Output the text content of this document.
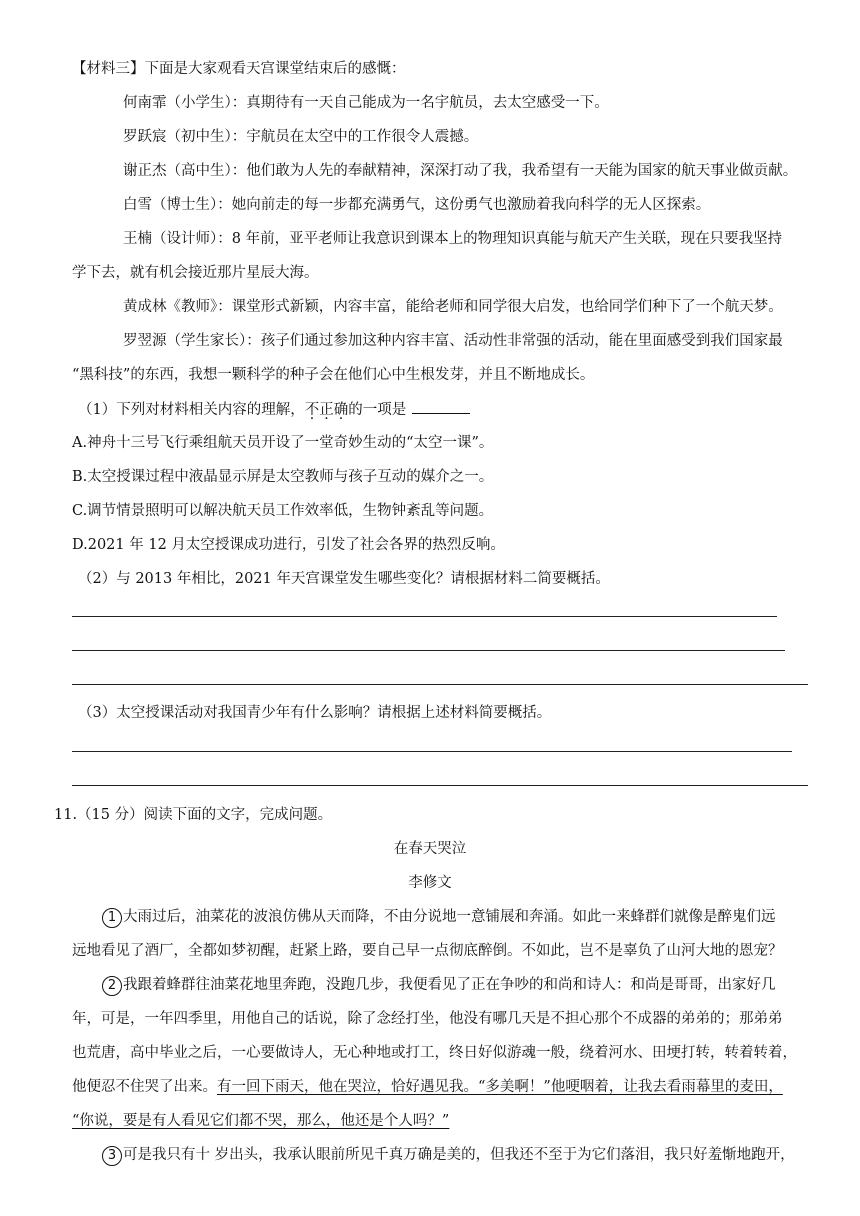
【材料三】下面是大家观看天宫课堂结束后的感慨：
何南霏（小学生）：真期待有一天自己能成为一名宇航员，去太空感受一下。
罗跃宸（初中生）：宇航员在太空中的工作很令人震撼。
谢正杰（高中生）：他们敢为人先的奉献精神，深深打动了我，我希望有一天能为国家的航天事业做贡献。
白雪（博士生）：她向前走的每一步都充满勇气，这份勇气也激励着我向科学的无人区探索。
王楠（设计师）：8 年前，亚平老师让我意识到课本上的物理知识真能与航天产生关联，现在只要我坚持
学下去，就有机会接近那片星辰大海。
黄成林《教师》：课堂形式新颖，内容丰富，能给老师和同学很大启发，也给同学们种下了一个航天梦。
罗翌源（学生家长）：孩子们通过参加这种内容丰富、活动性非常强的活动，能在里面感受到我们国家最
“黑科技”的东西，我想一颗科学的种子会在他们心中生根发芽，并且不断地成长。
（1）下列对材料相关内容的理解，不正确的一项是
A.神舟十三号飞行乘组航天员开设了一堂奇妙生动的“太空一课”。
B.太空授课过程中液晶显示屏是太空教师与孩子互动的媒介之一。
C.调节情景照明可以解决航天员工作效率低，生物钟紊乱等问题。
D.2021 年 12 月太空授课成功进行，引发了社会各界的热烈反响。
（2）与 2013 年相比，2021 年天宫课堂发生哪些变化？请根据材料二简要概括。
（3）太空授课活动对我国青少年有什么影响？请根据上述材料简要概括。
11.（15 分）阅读下面的文字，完成问题。
在春天哭泣
李修文
1 大雨过后，油菜花的波浪仿佛从天而降，不由分说地一意铺展和奔涌。如此一来蜂群们就像是醉鬼们远
远地看见了酒厂，全都如梦初醒，赶紧上路，要自己早一点彻底醉倒。不如此，岂不是辜负了山河大地的恩宠？
2 我跟着蜂群往油菜花地里奔跑，没跑几步，我便看见了正在争吵的和尚和诗人：和尚是哥哥，出家好几
年，可是，一年四季里，用他自己的话说，除了念经打坐，他没有哪几天是不担心那个不成器的弟弟的；那弟弟
也荒唐，高中毕业之后，一心要做诗人，无心种地或打工，终日好似游魂一般，绕着河水、田埂打转，转着转着，
他便忍不住哭了出来。有一回下雨天，他在哭泣，恰好遇见我。“多美啊！”他哽咽着，让我去看雨幕里的麦田，
“你说，要是有人看见它们都不哭，那么，他还是个人吗？”
3 可是我只有十 岁出头，我承认眼前所见千真万确是美的，但我还不至于为它们落泪，我只好羞惭地跑开，
